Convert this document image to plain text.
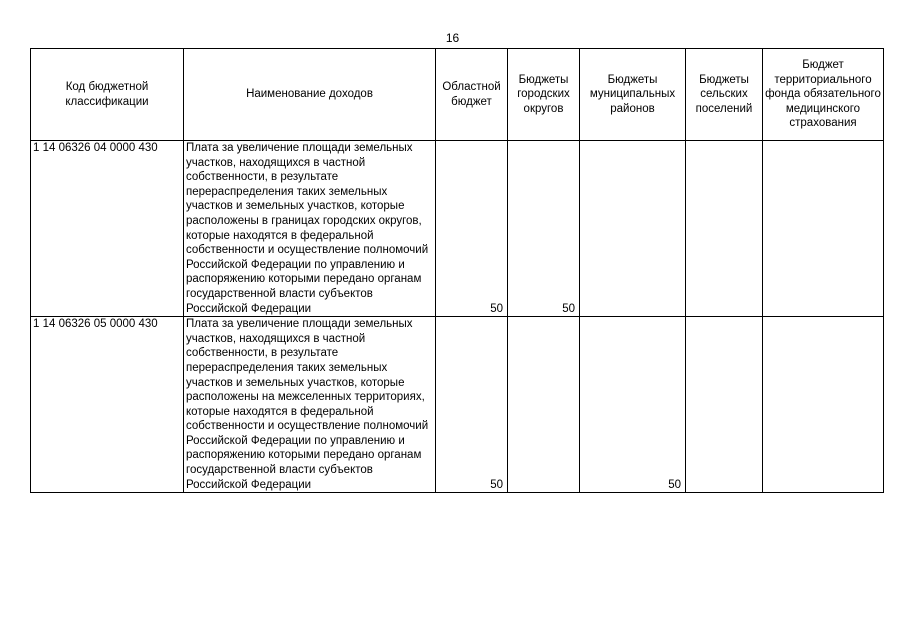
16
Код бюджетной классификации	Наименование доходов	Областной бюджет	Бюджеты городских округов	Бюджеты муниципальных районов	Бюджеты сельских поселений	Бюджет территориального фонда обязательного медицинского страхования
1 14 06326 04 0000 430	Плата за увеличение площади земельных участков, находящихся в частной собственности, в результате перераспределения таких земельных участков и земельных участков, которые расположены в границах городских округов, которые находятся в федеральной собственности и осуществление полномочий Российской Федерации по управлению и распоряжению которыми передано органам государственной власти субъектов Российской Федерации	50	50			
1 14 06326 05 0000 430	Плата за увеличение площади земельных участков, находящихся в частной собственности, в результате перераспределения таких земельных участков и земельных участков, которые расположены на межселенных территориях, которые находятся в федеральной собственности и осуществление полномочий Российской Федерации по управлению и распоряжению которыми передано органам государственной власти субъектов Российской Федерации	50		50		
